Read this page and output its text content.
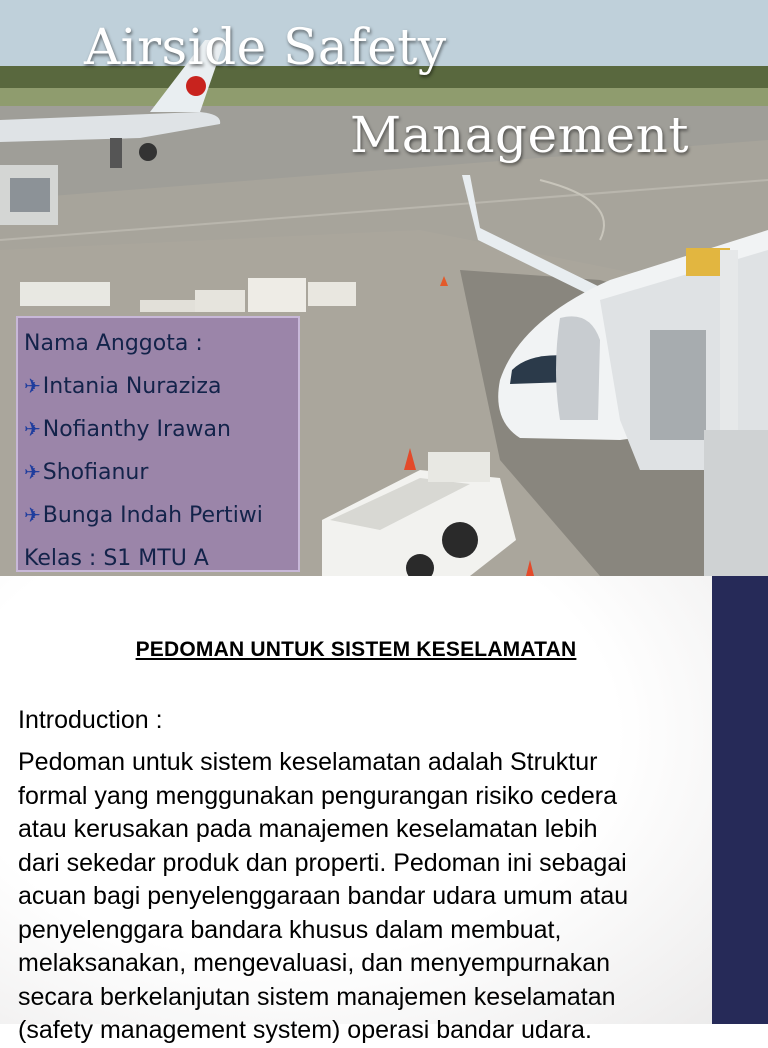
Airside Safety
Management
Nama Anggota :
✈Intania Nuraziza
✈Nofianthy Irawan
✈Shofianur
✈Bunga Indah Pertiwi
Kelas : S1 MTU A
PEDOMAN UNTUK SISTEM KESELAMATAN
Introduction :
Pedoman untuk sistem keselamatan adalah Struktur
formal yang menggunakan pengurangan risiko cedera
atau kerusakan pada manajemen keselamatan lebih
dari sekedar produk dan properti. Pedoman ini sebagai
acuan bagi penyelenggaraan bandar udara umum atau
penyelenggara bandara khusus dalam membuat,
melaksanakan, mengevaluasi, dan menyempurnakan
secara berkelanjutan sistem manajemen keselamatan
(safety management system) operasi bandar udara.
